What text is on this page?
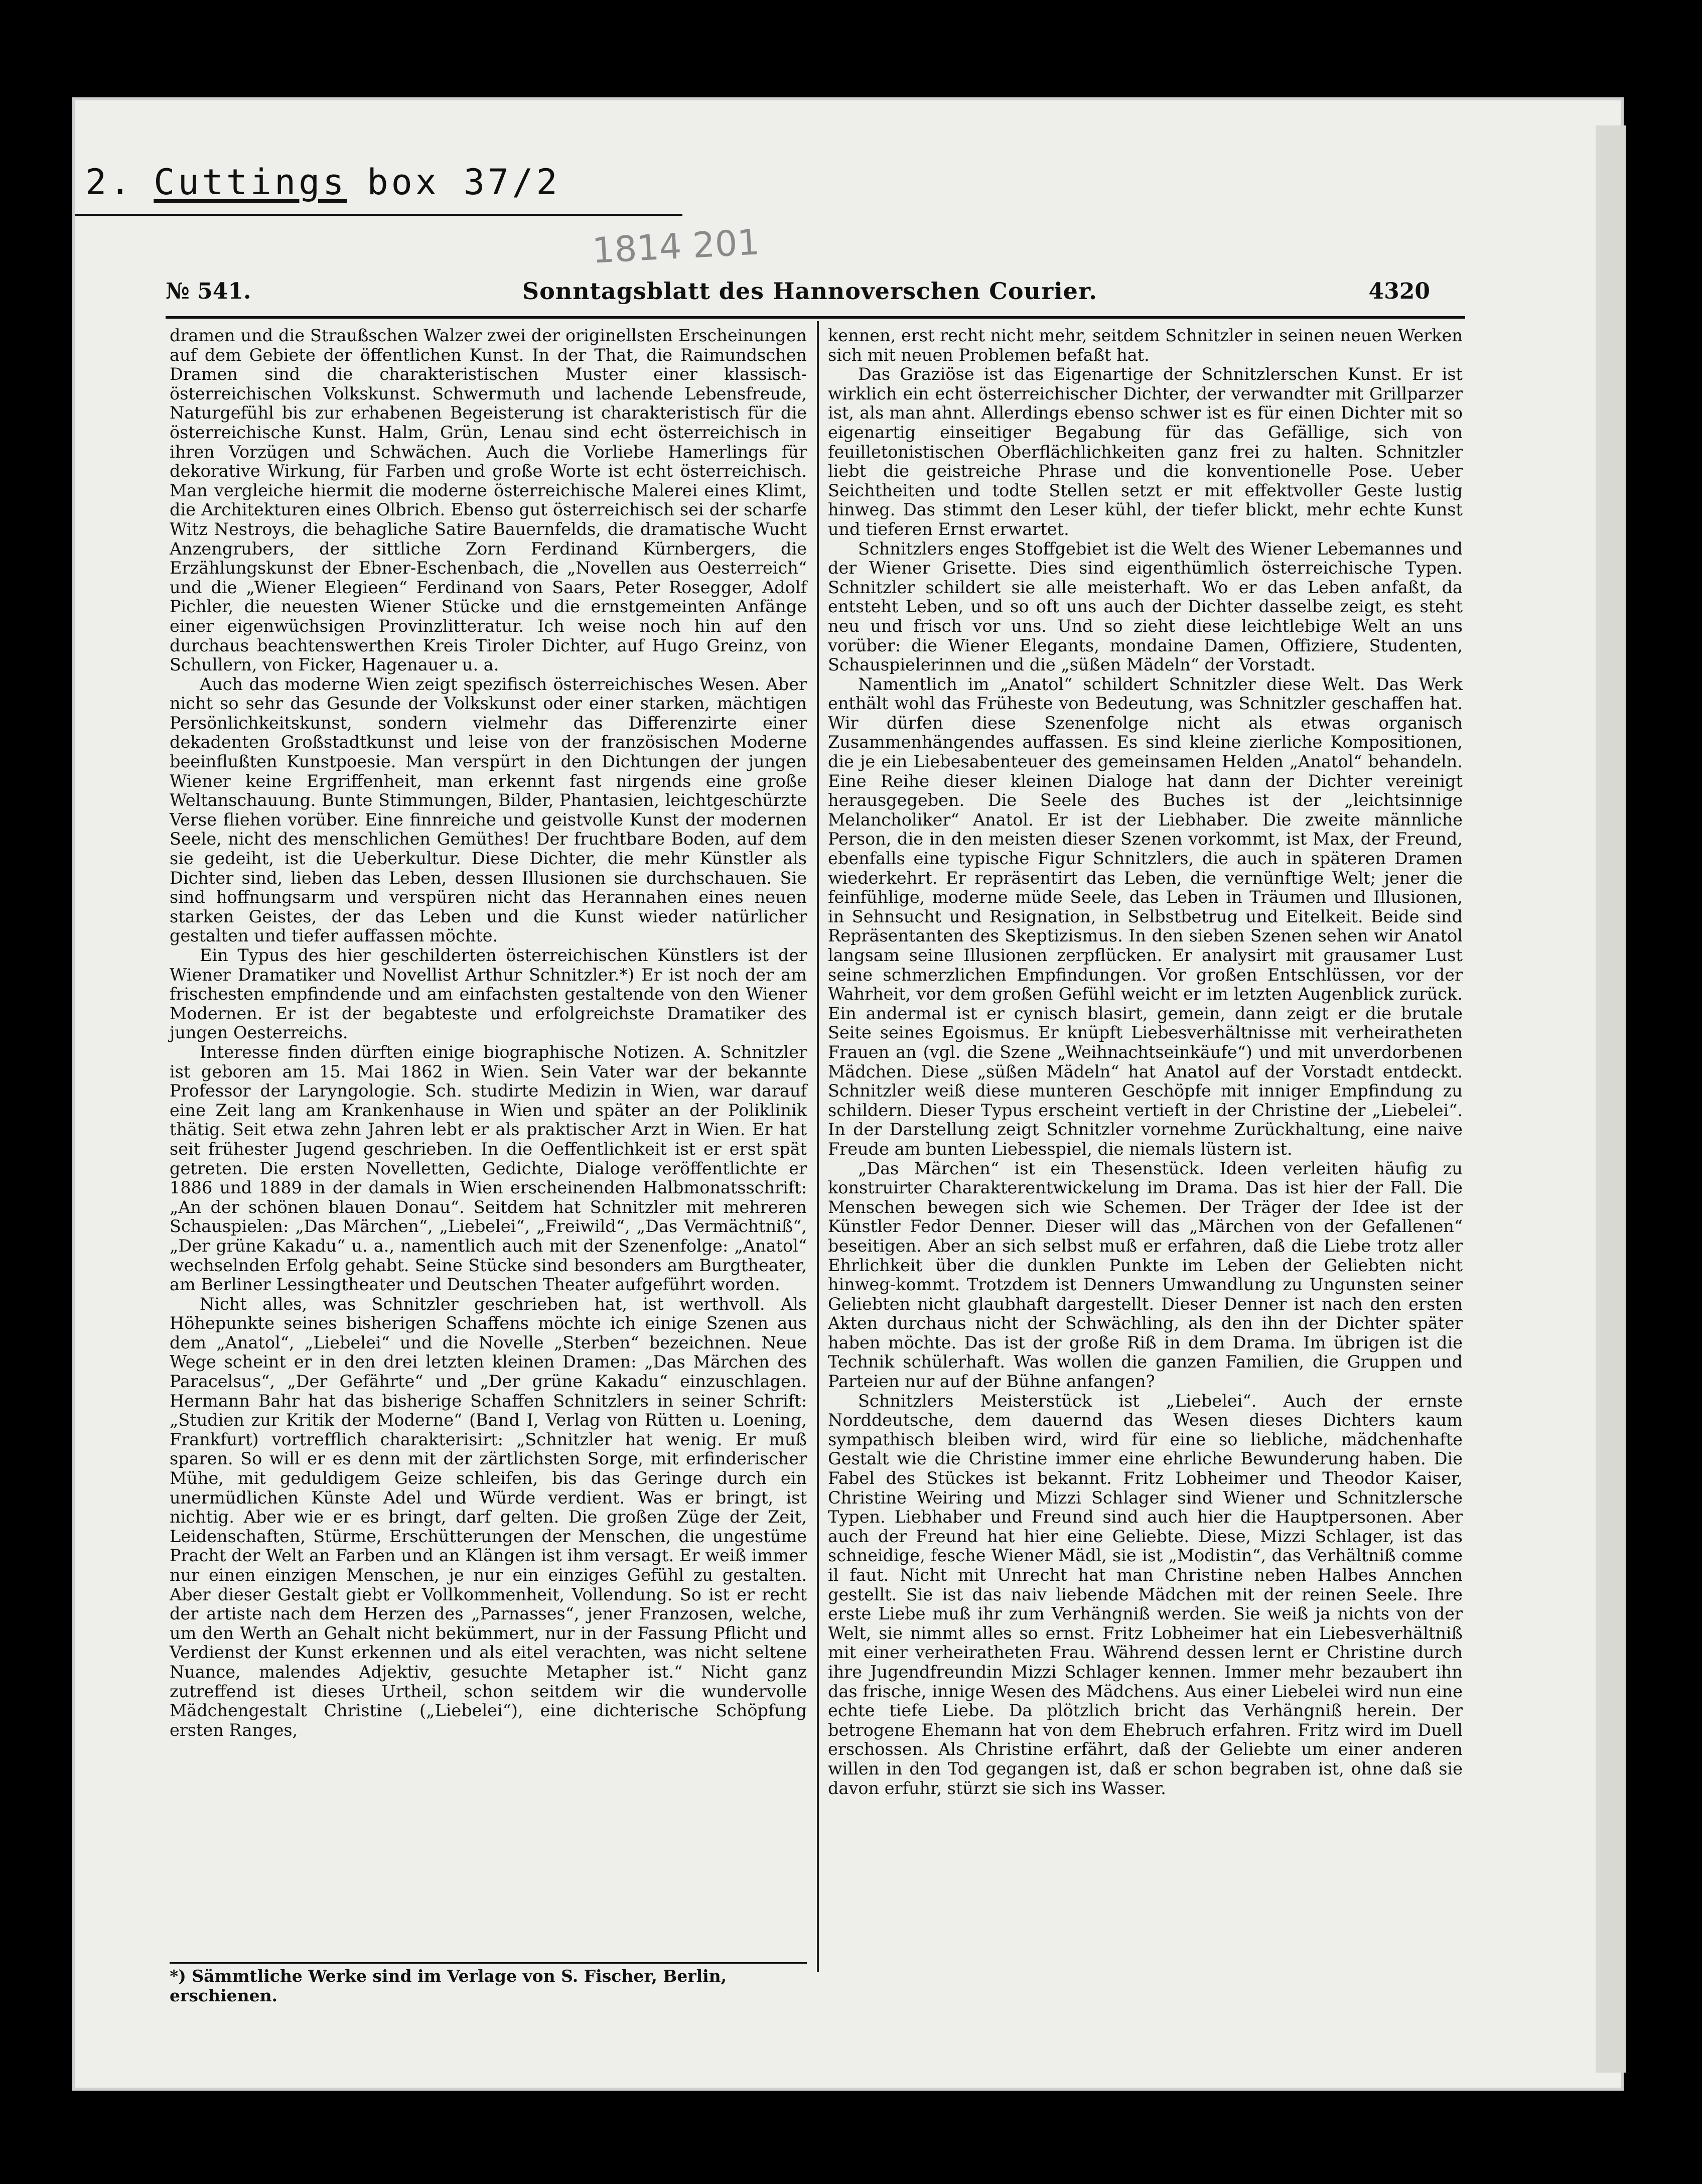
2. Cuttings box 37/2
1814 201
№ 541.	Sonntagsblatt des Hannoverschen Courier.	4320

dramen und die Straußschen Walzer zwei der originellsten Erscheinungen auf dem Gebiete der öffentlichen Kunst. In der That, die Raimundschen Dramen sind die charakteristischen Muster einer klassisch-österreichischen Volkskunst. Schwermuth und lachende Lebensfreude, Naturgefühl bis zur erhabenen Begeisterung ist charakteristisch für die österreichische Kunst. Halm, Grün, Lenau sind echt österreichisch in ihren Vorzügen und Schwächen. Auch die Vorliebe Hamerlings für dekorative Wirkung, für Farben und große Worte ist echt österreichisch. Man vergleiche hiermit die moderne österreichische Malerei eines Klimt, die Architekturen eines Olbrich. Ebenso gut österreichisch sei der scharfe Witz Nestroys, die behagliche Satire Bauernfelds, die dramatische Wucht Anzengrubers, der sittliche Zorn Ferdinand Kürnbergers, die Erzählungskunst der Ebner-Eschenbach, die „Novellen aus Oesterreich“ und die „Wiener Elegieen“ Ferdinand von Saars, Peter Rosegger, Adolf Pichler, die neuesten Wiener Stücke und die ernstgemeinten Anfänge einer eigenwüchsigen Provinzlitteratur. Ich weise noch hin auf den durchaus beachtenswerthen Kreis Tiroler Dichter, auf Hugo Greinz, von Schullern, von Ficker, Hagenauer u. a.

Auch das moderne Wien zeigt spezifisch österreichisches Wesen. Aber nicht so sehr das Gesunde der Volkskunst oder einer starken, mächtigen Persönlichkeitskunst, sondern vielmehr das Differenzirte einer dekadenten Großstadtkunst und leise von der französischen Moderne beeinflußten Kunstpoesie. Man verspürt in den Dichtungen der jungen Wiener keine Ergriffenheit, man erkennt fast nirgends eine große Weltanschauung. Bunte Stimmungen, Bilder, Phantasien, leichtgeschürzte Verse fliehen vorüber. Eine finnreiche und geistvolle Kunst der modernen Seele, nicht des menschlichen Gemüthes! Der fruchtbare Boden, auf dem sie gedeiht, ist die Ueberkultur. Diese Dichter, die mehr Künstler als Dichter sind, lieben das Leben, dessen Illusionen sie durchschauen. Sie sind hoffnungsarm und verspüren nicht das Herannahen eines neuen starken Geistes, der das Leben und die Kunst wieder natürlicher gestalten und tiefer auffassen möchte.

Ein Typus des hier geschilderten österreichischen Künstlers ist der Wiener Dramatiker und Novellist Arthur Schnitzler.*) Er ist noch der am frischesten empfindende und am einfachsten gestaltende von den Wiener Modernen. Er ist der begabteste und erfolgreichste Dramatiker des jungen Oesterreichs.

Interesse finden dürften einige biographische Notizen. A. Schnitzler ist geboren am 15. Mai 1862 in Wien. Sein Vater war der bekannte Professor der Laryngologie. Sch. studirte Medizin in Wien, war darauf eine Zeit lang am Krankenhause in Wien und später an der Poliklinik thätig. Seit etwa zehn Jahren lebt er als praktischer Arzt in Wien. Er hat seit frühester Jugend geschrieben. In die Oeffentlichkeit ist er erst spät getreten. Die ersten Novelletten, Gedichte, Dialoge veröffentlichte er 1886 und 1889 in der damals in Wien erscheinenden Halbmonatsschrift: „An der schönen blauen Donau“. Seitdem hat Schnitzler mit mehreren Schauspielen: „Das Märchen“, „Liebelei“, „Freiwild“, „Das Vermächtniß“, „Der grüne Kakadu“ u. a., namentlich auch mit der Szenenfolge: „Anatol“ wechselnden Erfolg gehabt. Seine Stücke sind besonders am Burgtheater, am Berliner Lessingtheater und Deutschen Theater aufgeführt worden.

Nicht alles, was Schnitzler geschrieben hat, ist werthvoll. Als Höhepunkte seines bisherigen Schaffens möchte ich einige Szenen aus dem „Anatol“, „Liebelei“ und die Novelle „Sterben“ bezeichnen. Neue Wege scheint er in den drei letzten kleinen Dramen: „Das Märchen des Paracelsus“, „Der Gefährte“ und „Der grüne Kakadu“ einzuschlagen. Hermann Bahr hat das bisherige Schaffen Schnitzlers in seiner Schrift: „Studien zur Kritik der Moderne“ (Band I, Verlag von Rütten u. Loening, Frankfurt) vortrefflich charakterisirt: „Schnitzler hat wenig. Er muß sparen. So will er es denn mit der zärtlichsten Sorge, mit erfinderischer Mühe, mit geduldigem Geize schleifen, bis das Geringe durch ein unermüdlichen Künste Adel und Würde verdient. Was er bringt, ist nichtig. Aber wie er es bringt, darf gelten. Die großen Züge der Zeit, Leidenschaften, Stürme, Erschütterungen der Menschen, die ungestüme Pracht der Welt an Farben und an Klängen ist ihm versagt. Er weiß immer nur einen einzigen Menschen, je nur ein einziges Gefühl zu gestalten. Aber dieser Gestalt giebt er Vollkommenheit, Vollendung. So ist er recht der artiste nach dem Herzen des „Parnasses“, jener Franzosen, welche, um den Werth an Gehalt nicht bekümmert, nur in der Fassung Pflicht und Verdienst der Kunst erkennen und als eitel verachten, was nicht seltene Nuance, malendes Adjektiv, gesuchte Metapher ist.“ Nicht ganz zutreffend ist dieses Urtheil, schon seitdem wir die wundervolle Mädchengestalt Christine („Liebelei“), eine dichterische Schöpfung ersten Ranges,

kennen, erst recht nicht mehr, seitdem Schnitzler in seinen neuen Werken sich mit neuen Problemen befaßt hat.

Das Graziöse ist das Eigenartige der Schnitzlerschen Kunst. Er ist wirklich ein echt österreichischer Dichter, der verwandter mit Grillparzer ist, als man ahnt. Allerdings ebenso schwer ist es für einen Dichter mit so eigenartig einseitiger Begabung für das Gefällige, sich von feuilletonistischen Oberflächlichkeiten ganz frei zu halten. Schnitzler liebt die geistreiche Phrase und die konventionelle Pose. Ueber Seichtheiten und todte Stellen setzt er mit effektvoller Geste lustig hinweg. Das stimmt den Leser kühl, der tiefer blickt, mehr echte Kunst und tieferen Ernst erwartet.

Schnitzlers enges Stoffgebiet ist die Welt des Wiener Lebemannes und der Wiener Grisette. Dies sind eigenthümlich österreichische Typen. Schnitzler schildert sie alle meisterhaft. Wo er das Leben anfaßt, da entsteht Leben, und so oft uns auch der Dichter dasselbe zeigt, es steht neu und frisch vor uns. Und so zieht diese leichtlebige Welt an uns vorüber: die Wiener Elegants, mondaine Damen, Offiziere, Studenten, Schauspielerinnen und die „süßen Mädeln“ der Vorstadt.

Namentlich im „Anatol“ schildert Schnitzler diese Welt. Das Werk enthält wohl das Früheste von Bedeutung, was Schnitzler geschaffen hat. Wir dürfen diese Szenenfolge nicht als etwas organisch Zusammenhängendes auffassen. Es sind kleine zierliche Kompositionen, die je ein Liebesabenteuer des gemeinsamen Helden „Anatol“ behandeln. Eine Reihe dieser kleinen Dialoge hat dann der Dichter vereinigt herausgegeben. Die Seele des Buches ist der „leichtsinnige Melancholiker“ Anatol. Er ist der Liebhaber. Die zweite männliche Person, die in den meisten dieser Szenen vorkommt, ist Max, der Freund, ebenfalls eine typische Figur Schnitzlers, die auch in späteren Dramen wiederkehrt. Er repräsentirt das Leben, die vernünftige Welt; jener die feinfühlige, moderne müde Seele, das Leben in Träumen und Illusionen, in Sehnsucht und Resignation, in Selbstbetrug und Eitelkeit. Beide sind Repräsentanten des Skeptizismus. In den sieben Szenen sehen wir Anatol langsam seine Illusionen zerpflücken. Er analysirt mit grausamer Lust seine schmerzlichen Empfindungen. Vor großen Entschlüssen, vor der Wahrheit, vor dem großen Gefühl weicht er im letzten Augenblick zurück. Ein andermal ist er cynisch blasirt, gemein, dann zeigt er die brutale Seite seines Egoismus. Er knüpft Liebesverhältnisse mit verheiratheten Frauen an (vgl. die Szene „Weihnachtseinkäufe“) und mit unverdorbenen Mädchen. Diese „süßen Mädeln“ hat Anatol auf der Vorstadt entdeckt. Schnitzler weiß diese munteren Geschöpfe mit inniger Empfindung zu schildern. Dieser Typus erscheint vertieft in der Christine der „Liebelei“. In der Darstellung zeigt Schnitzler vornehme Zurückhaltung, eine naive Freude am bunten Liebesspiel, die niemals lüstern ist.

„Das Märchen“ ist ein Thesenstück. Ideen verleiten häufig zu konstruirter Charakterentwickelung im Drama. Das ist hier der Fall. Die Menschen bewegen sich wie Schemen. Der Träger der Idee ist der Künstler Fedor Denner. Dieser will das „Märchen von der Gefallenen“ beseitigen. Aber an sich selbst muß er erfahren, daß die Liebe trotz aller Ehrlichkeit über die dunklen Punkte im Leben der Geliebten nicht hinweg-kommt. Trotzdem ist Denners Umwandlung zu Ungunsten seiner Geliebten nicht glaubhaft dargestellt. Dieser Denner ist nach den ersten Akten durchaus nicht der Schwächling, als den ihn der Dichter später haben möchte. Das ist der große Riß in dem Drama. Im übrigen ist die Technik schülerhaft. Was wollen die ganzen Familien, die Gruppen und Parteien nur auf der Bühne anfangen?

Schnitzlers Meisterstück ist „Liebelei“. Auch der ernste Norddeutsche, dem dauernd das Wesen dieses Dichters kaum sympathisch bleiben wird, wird für eine so liebliche, mädchenhafte Gestalt wie die Christine immer eine ehrliche Bewunderung haben. Die Fabel des Stückes ist bekannt. Fritz Lobheimer und Theodor Kaiser, Christine Weiring und Mizzi Schlager sind Wiener und Schnitzlersche Typen. Liebhaber und Freund sind auch hier die Hauptpersonen. Aber auch der Freund hat hier eine Geliebte. Diese, Mizzi Schlager, ist das schneidige, fesche Wiener Mädl, sie ist „Modistin“, das Verhältniß comme il faut. Nicht mit Unrecht hat man Christine neben Halbes Annchen gestellt. Sie ist das naiv liebende Mädchen mit der reinen Seele. Ihre erste Liebe muß ihr zum Verhängniß werden. Sie weiß ja nichts von der Welt, sie nimmt alles so ernst. Fritz Lobheimer hat ein Liebesverhältniß mit einer verheiratheten Frau. Während dessen lernt er Christine durch ihre Jugendfreundin Mizzi Schlager kennen. Immer mehr bezaubert ihn das frische, innige Wesen des Mädchens. Aus einer Liebelei wird nun eine echte tiefe Liebe. Da plötzlich bricht das Verhängniß herein. Der betrogene Ehemann hat von dem Ehebruch erfahren. Fritz wird im Duell erschossen. Als Christine erfährt, daß der Geliebte um einer anderen willen in den Tod gegangen ist, daß er schon begraben ist, ohne daß sie davon erfuhr, stürzt sie sich ins Wasser.

*) Sämmtliche Werke sind im Verlage von S. Fischer, Berlin, erschienen.
